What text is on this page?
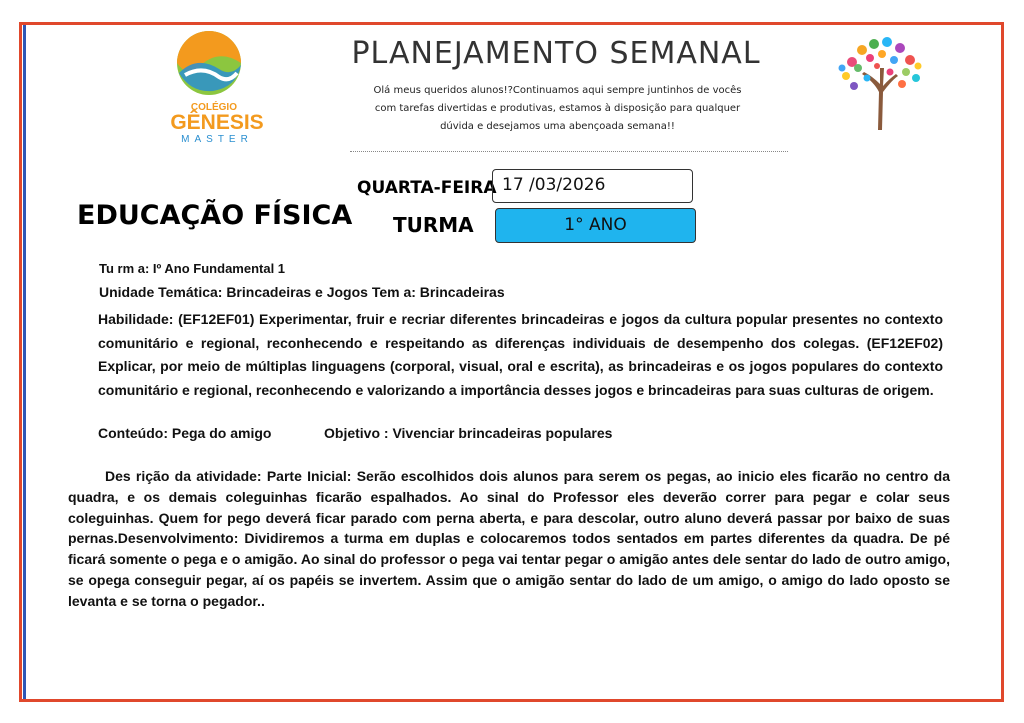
COLÉGIO
GÊNESIS
MASTER
PLANEJAMENTO SEMANAL
Olá meus queridos alunos!?Continuamos aqui sempre juntinhos de vocês com tarefas divertidas e produtivas, estamos à disposição para qualquer dúvida e desejamos uma abençoada semana!!
EDUCAÇÃO FÍSICA
QUARTA-FEIRA 17 /03/2026
TURMA	1° ANO
Tu rm a: Iº Ano Fundamental 1
Unidade Temática: Brincadeiras e Jogos Tem a: Brincadeiras
Habilidade: (EF12EF01) Experimentar, fruir e recriar diferentes brincadeiras e jogos da cultura popular presentes no contexto comunitário e regional, reconhecendo e respeitando as diferenças individuais de desempenho dos colegas. (EF12EF02) Explicar, por meio de múltiplas linguagens (corporal, visual, oral e escrita), as brincadeiras e os jogos populares do contexto comunitário e regional, reconhecendo e valorizando a importância desses jogos e brincadeiras para suas culturas de origem.
Conteúdo: Pega do amigo	Objetivo : Vivenciar brincadeiras populares
Des rição da atividade: Parte Inicial: Serão escolhidos dois alunos para serem os pegas, ao inicio eles ficarão no centro da quadra, e os demais coleguinhas ficarão espalhados. Ao sinal do Professor eles deverão correr para pegar e colar seus coleguinhas. Quem for pego deverá ficar parado com perna aberta, e para descolar, outro aluno deverá passar por baixo de suas pernas.Desenvolvimento: Dividiremos a turma em duplas e colocaremos todos sentados em partes diferentes da quadra. De pé ficará somente o pega e o amigão. Ao sinal do professor o pega vai tentar pegar o amigão antes dele sentar do lado de outro amigo, se opega conseguir pegar, aí os papéis se invertem. Assim que o amigão sentar do lado de um amigo, o amigo do lado oposto se levanta e se torna o pegador..
